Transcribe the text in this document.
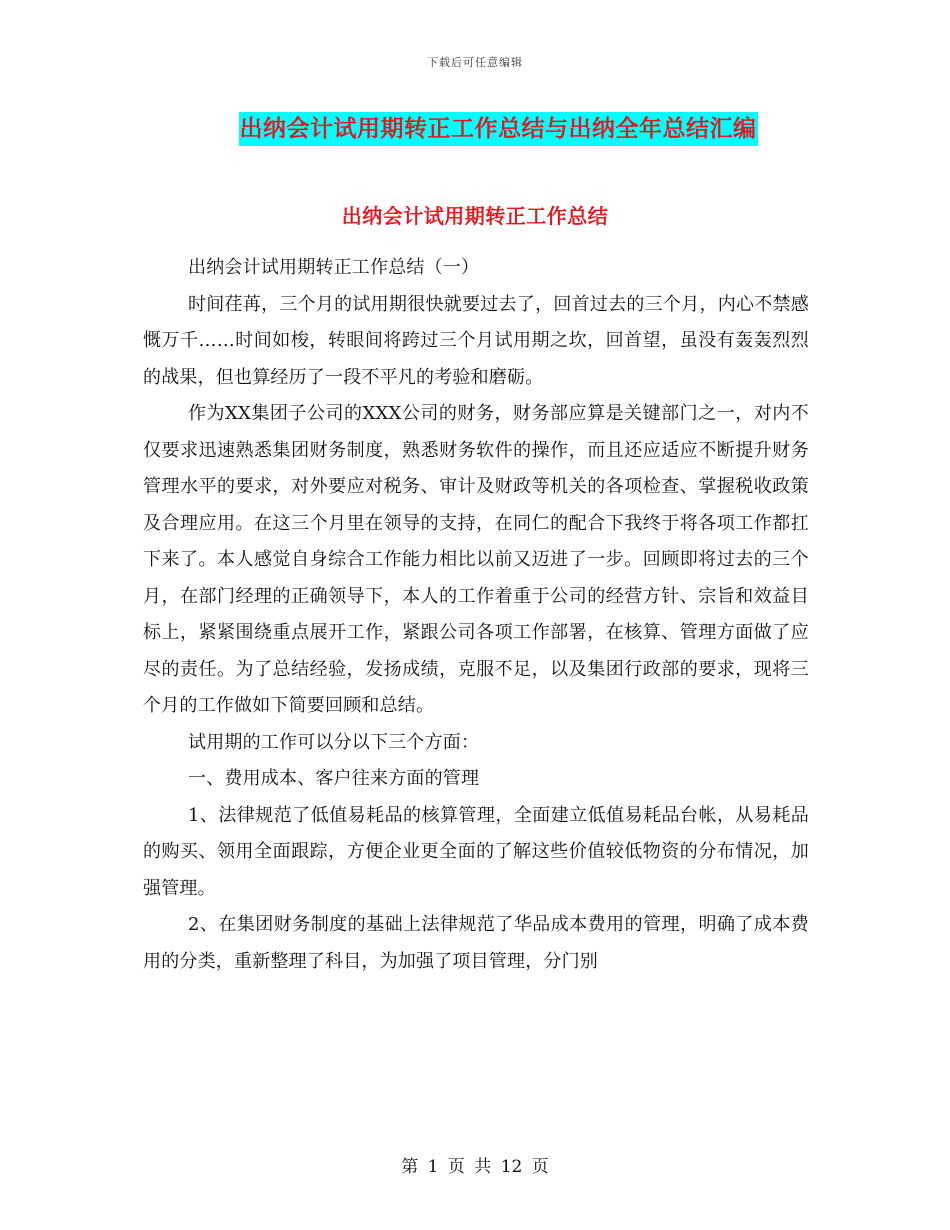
下载后可任意编辑
出纳会计试用期转正工作总结与出纳全年总结汇编
出纳会计试用期转正工作总结

出纳会计试用期转正工作总结（一）

时间荏苒，三个月的试用期很快就要过去了，回首过去的三个月，内心不禁感慨万千……时间如梭，转眼间将跨过三个月试用期之坎，回首望，虽没有轰轰烈烈的战果，但也算经历了一段不平凡的考验和磨砺。

作为XX集团子公司的XXX公司的财务，财务部应算是关键部门之一，对内不仅要求迅速熟悉集团财务制度，熟悉财务软件的操作，而且还应适应不断提升财务管理水平的要求，对外要应对税务、审计及财政等机关的各项检查、掌握税收政策及合理应用。在这三个月里在领导的支持，在同仁的配合下我终于将各项工作都扛下来了。本人感觉自身综合工作能力相比以前又迈进了一步。回顾即将过去的三个月，在部门经理的正确领导下，本人的工作着重于公司的经营方针、宗旨和效益目标上，紧紧围绕重点展开工作，紧跟公司各项工作部署，在核算、管理方面做了应尽的责任。为了总结经验，发扬成绩，克服不足，以及集团行政部的要求，现将三个月的工作做如下简要回顾和总结。

试用期的工作可以分以下三个方面：

一、费用成本、客户往来方面的管理

1、法律规范了低值易耗品的核算管理，全面建立低值易耗品台帐，从易耗品的购买、领用全面跟踪，方便企业更全面的了解这些价值较低物资的分布情况，加强管理。

2、在集团财务制度的基础上法律规范了华品成本费用的管理，明确了成本费用的分类，重新整理了科目，为加强了项目管理，分门别

第 1 页 共 12 页
